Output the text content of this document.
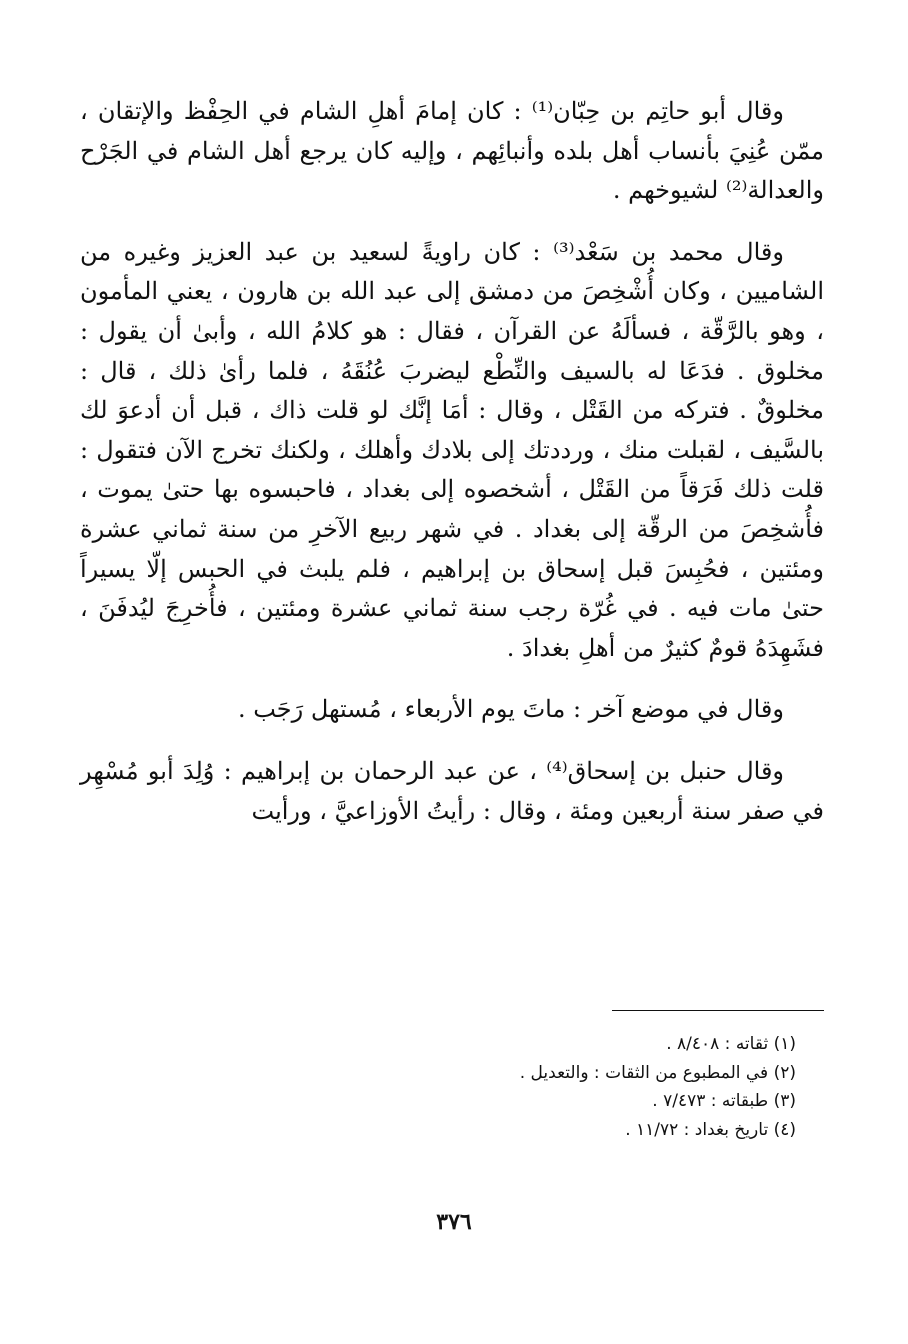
وقال أبو حاتِم بن حِبّان⁽¹⁾ : كان إمامَ أهلِ الشام في الحِفْظ والإتقان ، ممّن عُنِيَ بأنساب أهل بلده وأنبائِهم ، وإليه كان يرجع أهل الشام في الجَرْح والعدالة⁽²⁾ لشيوخهم .

وقال محمد بن سَعْد⁽³⁾ : كان راويةً لسعيد بن عبد العزيز وغيره من الشاميين ، وكان أُشْخِصَ من دمشق إلى عبد الله بن هارون ، يعني المأمون ، وهو بالرَّقّة ، فسألَهُ عن القرآن ، فقال : هو كلامُ الله ، وأبىٰ أن يقول : مخلوق . فدَعَا له بالسيف والنِّطْع ليضربَ عُنُقَهُ ، فلما رأىٰ ذلك ، قال : مخلوقٌ . فتركه من القَتْل ، وقال : أمَا إنَّك لو قلت ذاك ، قبل أن أدعوَ لك بالسَّيف ، لقبلت منك ، ورددتك إلى بلادك وأهلك ، ولكنك تخرج الآن فتقول : قلت ذلك فَرَقاً من القَتْل ، أشخصوه إلى بغداد ، فاحبسوه بها حتىٰ يموت ، فأُشخِصَ من الرقّة إلى بغداد . في شهر ربيع الآخرِ من سنة ثماني عشرة ومئتين ، فحُبِسَ قبل إسحاق بن إبراهيم ، فلم يلبث في الحبس إلّا يسيراً حتىٰ مات فيه . في غُرّة رجب سنة ثماني عشرة ومئتين ، فأُخرِجَ ليُدفَنَ ، فشَهِدَهُ قومٌ كثيرٌ من أهلِ بغدادَ .

وقال في موضع آخر : ماتَ يوم الأربعاء ، مُستهل رَجَب .

وقال حنبل بن إسحاق⁽⁴⁾ ، عن عبد الرحمان بن إبراهيم : وُلِدَ أبو مُسْهِر في صفر سنة أربعين ومئة ، وقال : رأيتُ الأوزاعيَّ ، ورأيت

(١) ثقاته : ٨/٤٠٨ .

(٢) في المطبوع من الثقات : والتعديل .

(٣) طبقاته : ٧/٤٧٣ .

(٤) تاريخ بغداد : ١١/٧٢ .

٣٧٦
